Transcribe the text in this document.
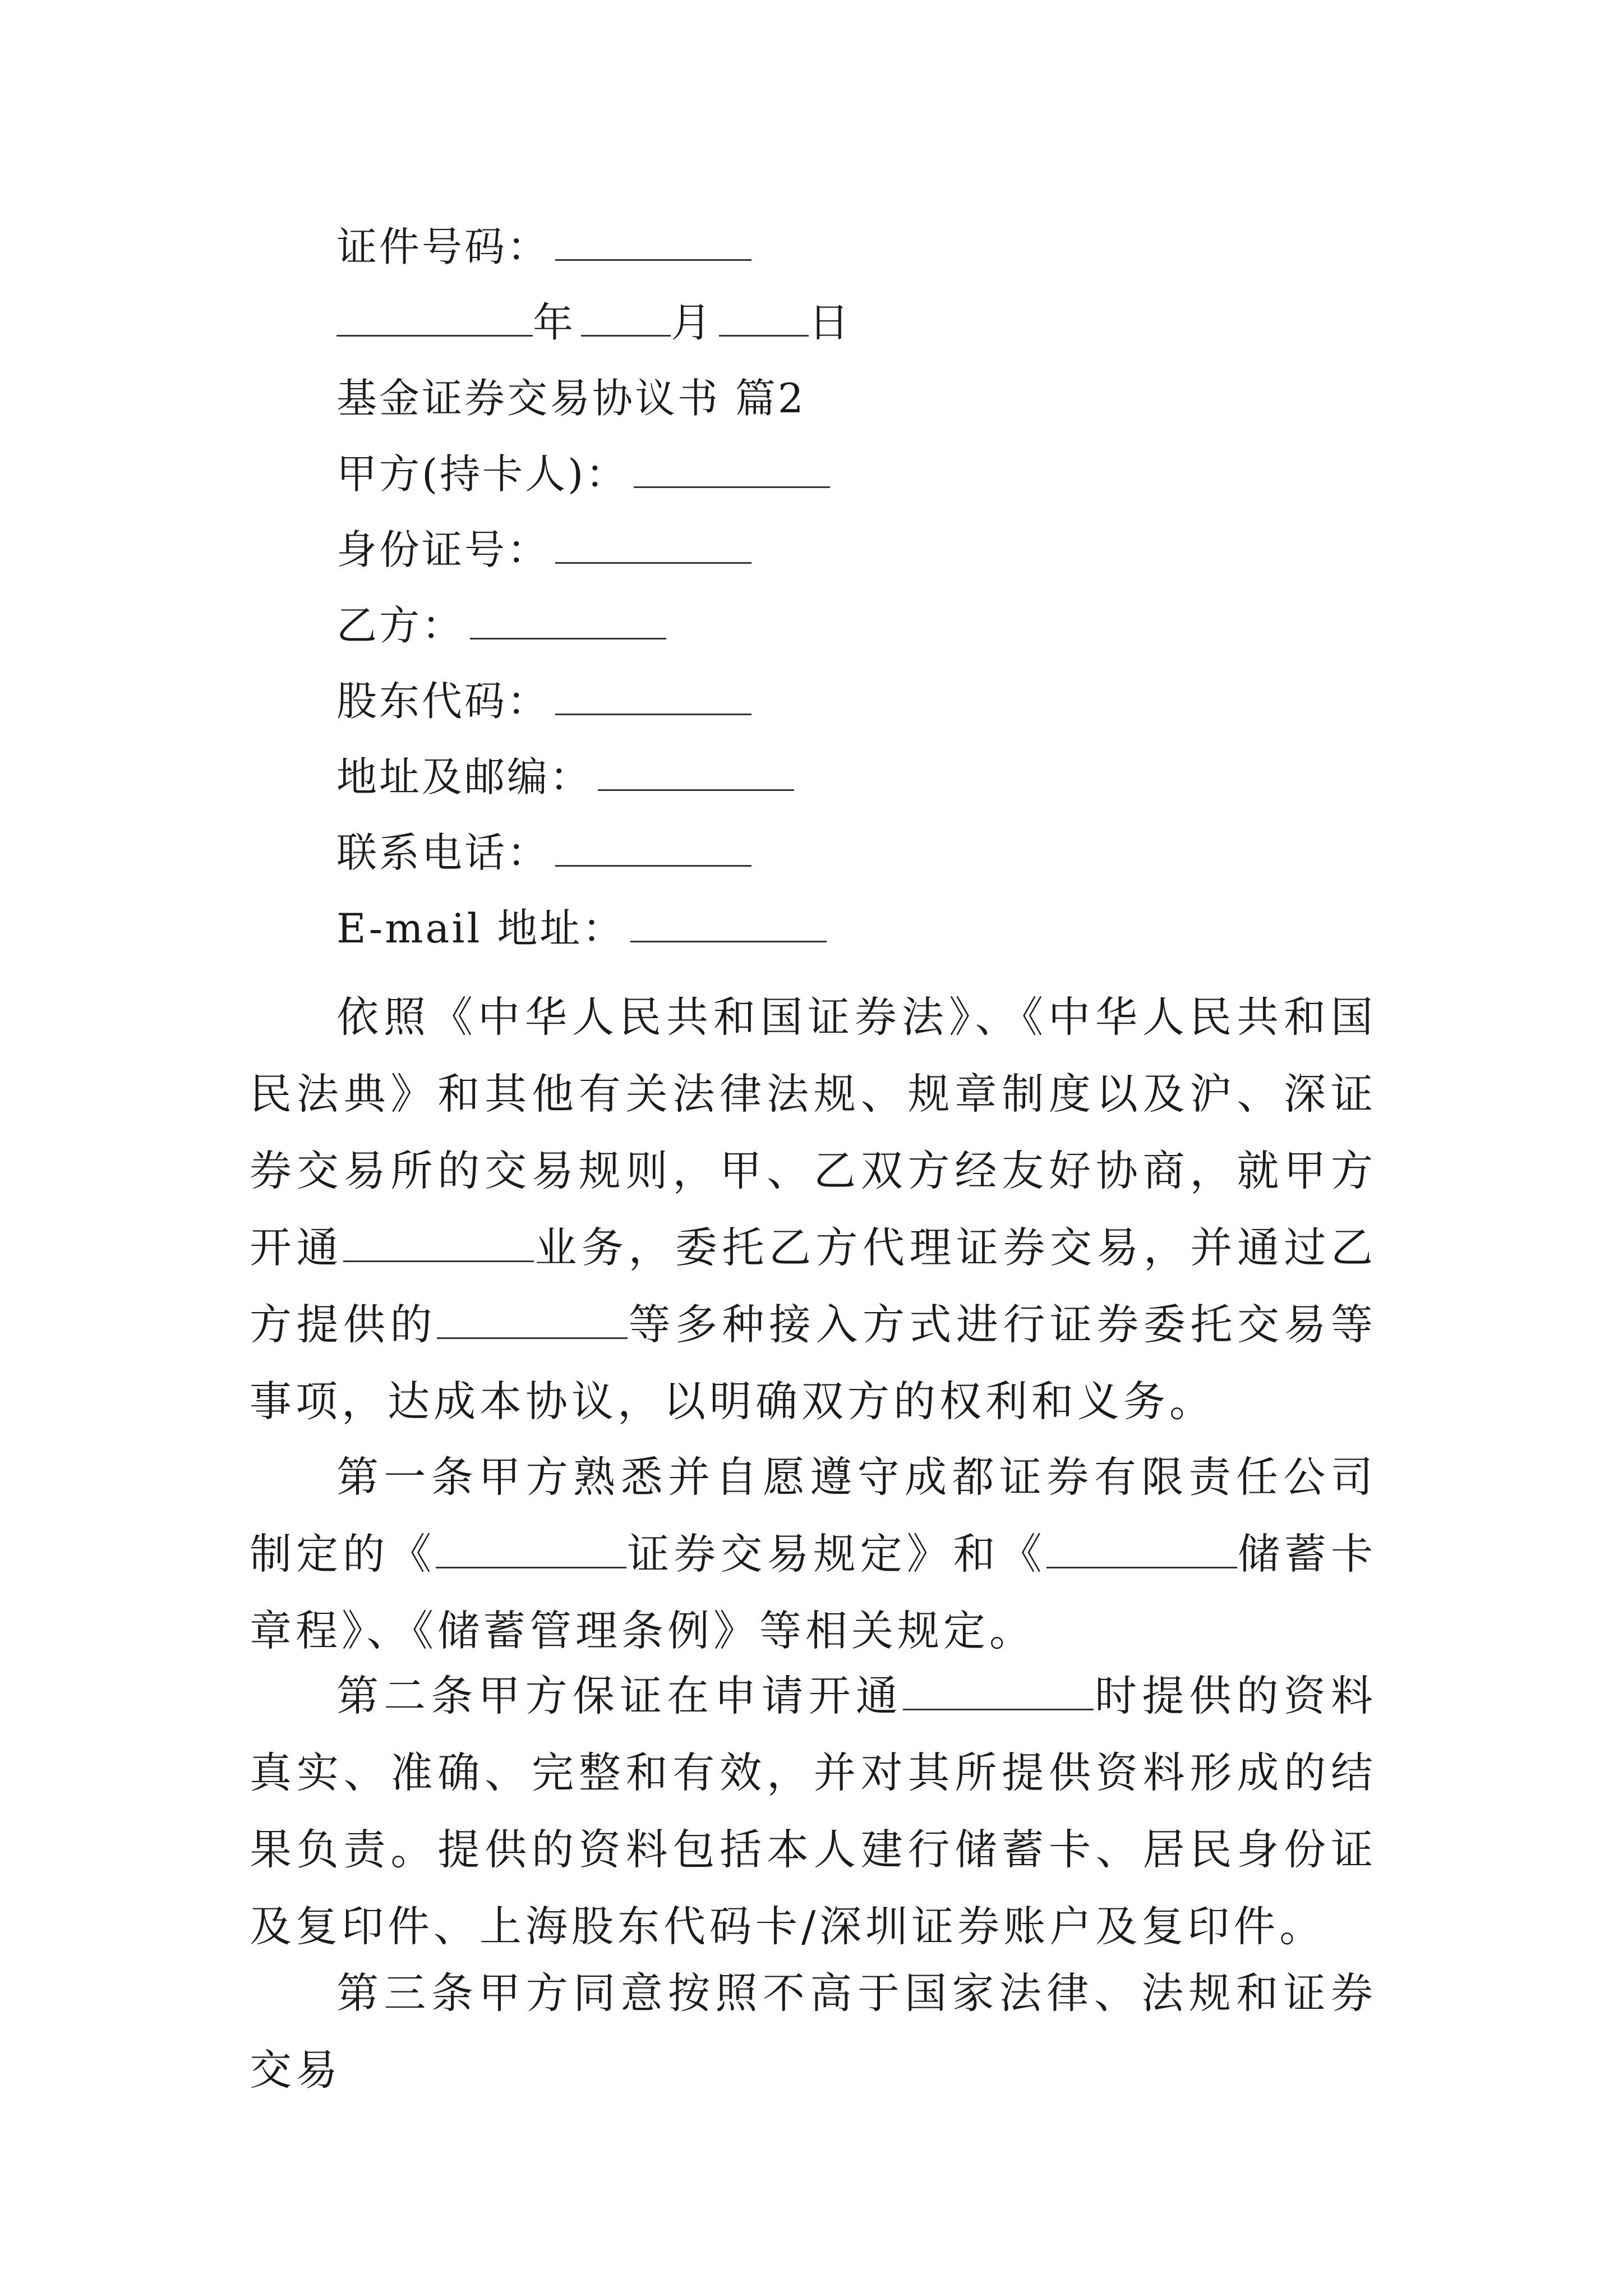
证件号码：
年 月 日
基金证券交易协议书 篇2
甲方(持卡人)：
身份证号：
乙方：
股东代码：
地址及邮编：
联系电话：
E-mail 地址：
依照《中华人民共和国证券法》、《中华人民共和国民法典》和其他有关法律法规、规章制度以及沪、深证券交易所的交易规则，甲、乙双方经友好协商，就甲方开通	业务，委托乙方代理证券交易，并通过乙方提供的	等多种接入方式进行证券委托交易等事项，达成本协议，以明确双方的权利和义务。
第一条甲方熟悉并自愿遵守成都证券有限责任公司制定的《	证券交易规定》和《	储蓄卡章程》、《储蓄管理条例》等相关规定。
第二条甲方保证在申请开通	时提供的资料真实、准确、完整和有效，并对其所提供资料形成的结果负责。提供的资料包括本人建行储蓄卡、居民身份证及复印件、上海股东代码卡/深圳证券账户及复印件。
第三条甲方同意按照不高于国家法律、法规和证券交易
